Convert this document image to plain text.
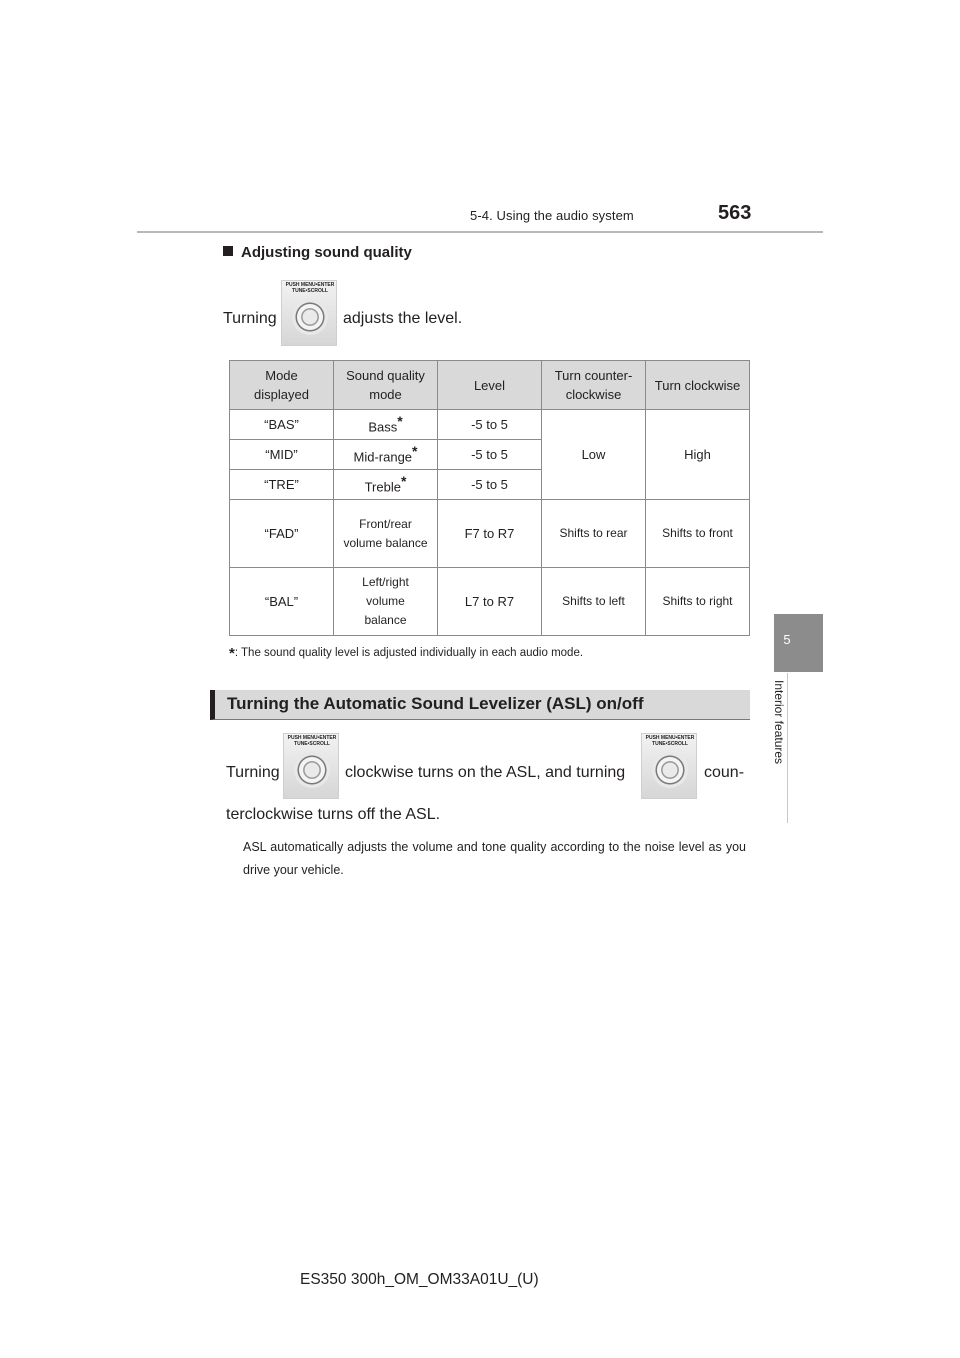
5-4. Using the audio system	563
5
Interior features
Adjusting sound quality
Turning
PUSH MENU•ENTER
TUNE•SCROLL
adjusts the level.
Mode displayed	Sound quality mode	Level	Turn counter-clockwise	Turn clockwise
“BAS”	Bass*	-5 to 5	Low	High
“MID”	Mid-range*	-5 to 5		
“TRE”	Treble*	-5 to 5		
“FAD”	Front/rear volume balance	F7 to R7	Shifts to rear	Shifts to front
“BAL”	Left/right volume balance	L7 to R7	Shifts to left	Shifts to right
*: The sound quality level is adjusted individually in each audio mode.
Turning the Automatic Sound Levelizer (ASL) on/off
Turning
PUSH MENU•ENTER
TUNE•SCROLL
clockwise turns on the ASL, and turning
PUSH MENU•ENTER
TUNE•SCROLL
coun-
terclockwise turns off the ASL.
ASL automatically adjusts the volume and tone quality according to the noise level as you drive your vehicle.
ES350 300h_OM_OM33A01U_(U)
